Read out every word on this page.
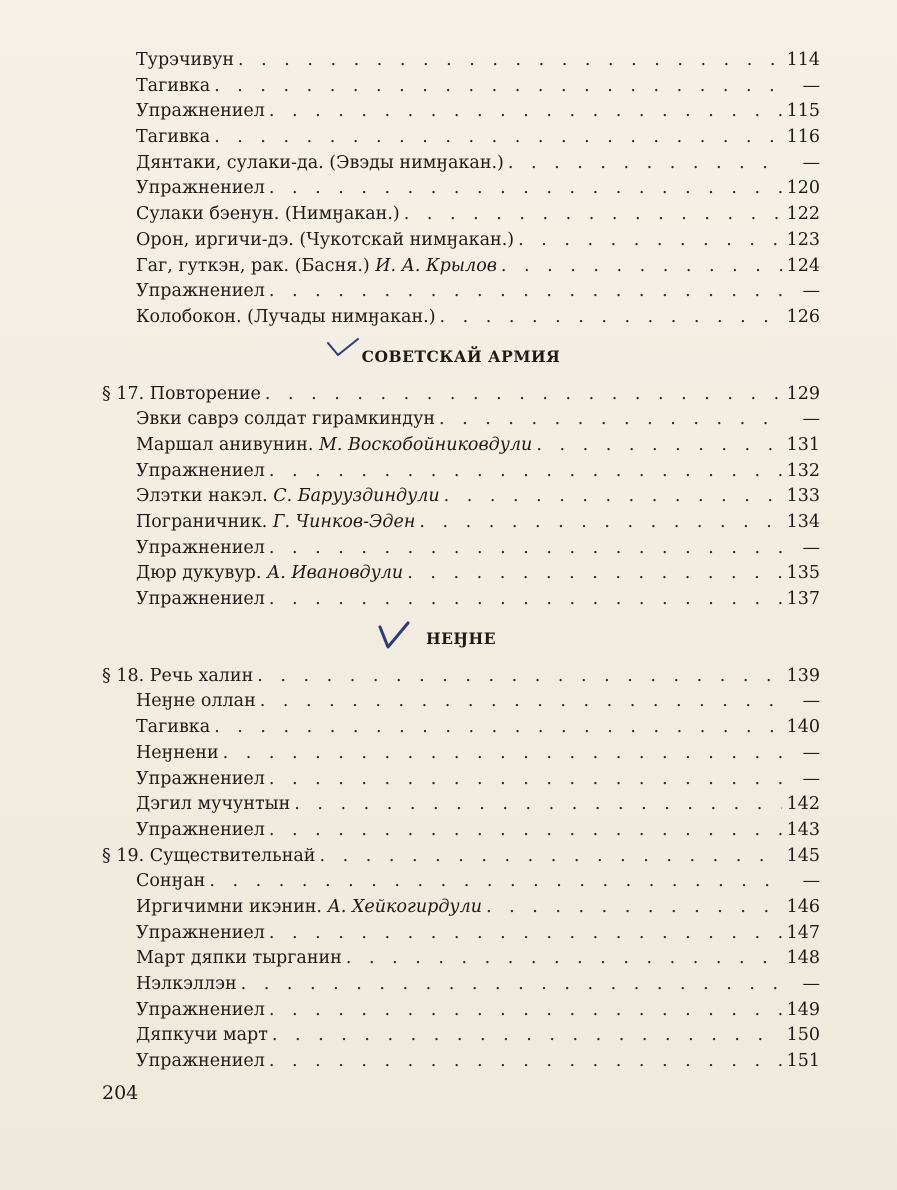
Турэчивун . . .	114
Тагивка . . .	—
Упражнениел . . .	115
Тагивка . . .	116
Дянтаки, сулаки-да. (Эвэды нимӈакан.) . . .	—
Упражнениел . . .	120
Сулаки бэенун. (Нимӈакан.) . . .	122
Орон, иргичи-дэ. (Чукотскай нимӈакан.) . . .	123
Гаг, гуткэн, рак. (Басня.) И. А. Крылов . . .	124
Упражнениел . . .	—
Колобокон. (Лучады нимӈакан.) . . .	126
СОВЕТСКАЙ АРМИЯ
§ 17. Повторение . . .	129
Эвки саврэ солдат гирамкиндун . . .	—
Маршал анивунин. М. Воскобойниковдули . . .	131
Упражнениел . . .	132
Элэтки накэл. С. Барууздиндули . . .	133
Пограничник. Г. Чинков-Эден . . .	134
Упражнениел . . .	—
Дюр дукувур. А. Ивановдули . . .	135
Упражнениел . . .	137
НЕӇНЕ
§ 18. Речь халин . . .	139
Неӈне оллан . . .	—
Тагивка . . .	140
Неӈнени . . .	—
Упражнениел . . .	—
Дэгил мучунтын . . .	142
Упражнениел . . .	143
§ 19. Существительнай . . .	145
Сонӈан . . .	—
Иргичимни икэнин. А. Хейкогирдули . . .	146
Упражнениел . . .	147
Март дяпки тырганин . . .	148
Нэлкэллэн . . .	—
Упражнениел . . .	149
Дяпкучи март . . .	150
Упражнениел . . .	151
204
